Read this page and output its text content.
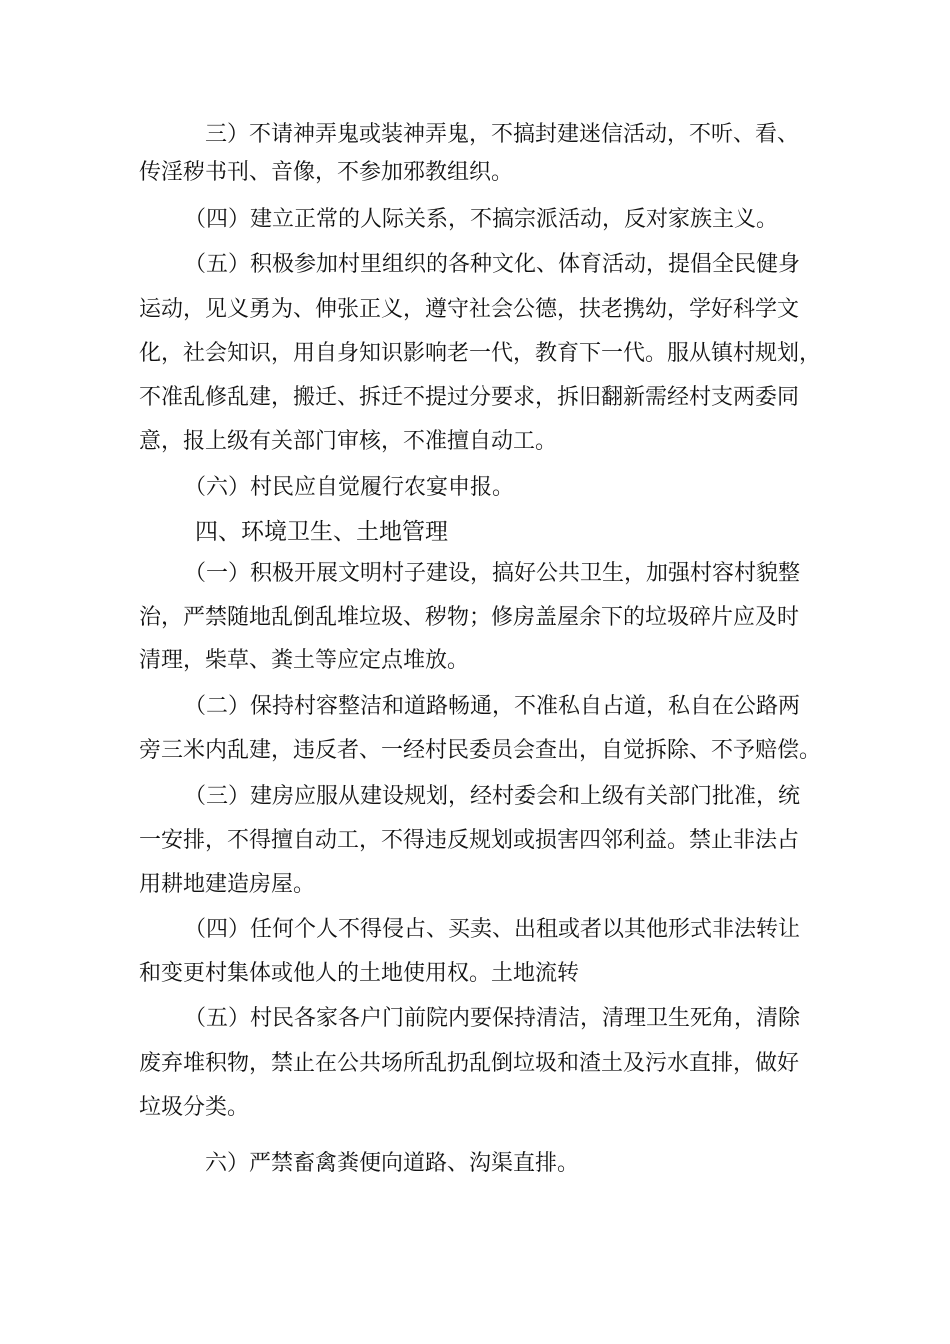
三）不请神弄鬼或装神弄鬼，不搞封建迷信活动，不听、看、
传淫秽书刊、音像，不参加邪教组织。
（四）建立正常的人际关系，不搞宗派活动，反对家族主义。
（五）积极参加村里组织的各种文化、体育活动，提倡全民健身
运动，见义勇为、伸张正义，遵守社会公德，扶老携幼，学好科学文
化，社会知识，用自身知识影响老一代，教育下一代。服从镇村规划，
不准乱修乱建，搬迁、拆迁不提过分要求，拆旧翻新需经村支两委同
意，报上级有关部门审核，不准擅自动工。
（六）村民应自觉履行农宴申报。
四、环境卫生、土地管理
（一）积极开展文明村子建设，搞好公共卫生，加强村容村貌整
治，严禁随地乱倒乱堆垃圾、秽物；修房盖屋余下的垃圾碎片应及时
清理，柴草、粪土等应定点堆放。
（二）保持村容整洁和道路畅通，不准私自占道，私自在公路两
旁三米内乱建，违反者、一经村民委员会查出，自觉拆除、不予赔偿。
（三）建房应服从建设规划，经村委会和上级有关部门批准，统
一安排，不得擅自动工，不得违反规划或损害四邻利益。禁止非法占
用耕地建造房屋。
（四）任何个人不得侵占、买卖、出租或者以其他形式非法转让
和变更村集体或他人的土地使用权。土地流转
（五）村民各家各户门前院内要保持清洁，清理卫生死角，清除
废弃堆积物，禁止在公共场所乱扔乱倒垃圾和渣土及污水直排，做好
垃圾分类。
六）严禁畜禽粪便向道路、沟渠直排。
